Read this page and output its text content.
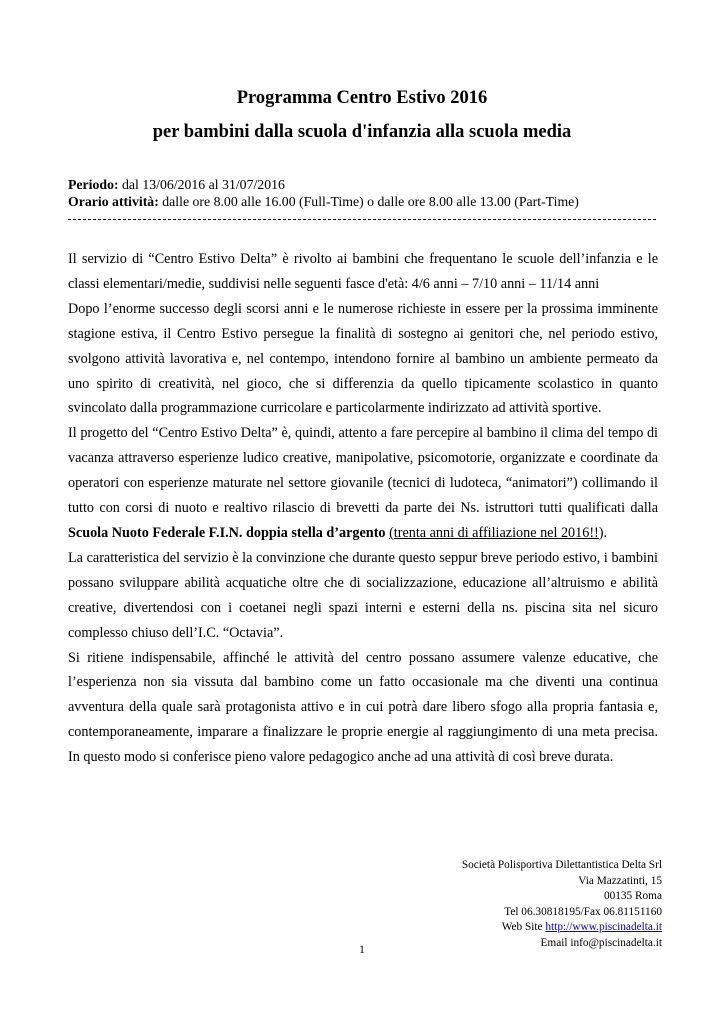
Programma Centro Estivo 2016
per bambini dalla scuola d'infanzia alla scuola media
Periodo: dal 13/06/2016 al 31/07/2016
Orario attività: dalle ore 8.00 alle 16.00 (Full-Time) o dalle ore 8.00 alle 13.00 (Part-Time)

Il servizio di “Centro Estivo Delta” è rivolto ai bambini che frequentano le scuole dell’infanzia e le classi elementari/medie, suddivisi nelle seguenti fasce d'età: 4/6 anni – 7/10 anni – 11/14 anni

Dopo l’enorme successo degli scorsi anni e le numerose richieste in essere per la prossima imminente stagione estiva, il Centro Estivo persegue la finalità di sostegno ai genitori che, nel periodo estivo, svolgono attività lavorativa e, nel contempo, intendono fornire al bambino un ambiente permeato da uno spirito di creatività, nel gioco, che si differenzia da quello tipicamente scolastico in quanto svincolato dalla programmazione curricolare e particolarmente indirizzato ad attività sportive.

Il progetto del “Centro Estivo Delta” è, quindi, attento a fare percepire al bambino il clima del tempo di vacanza attraverso esperienze ludico creative, manipolative, psicomotorie, organizzate e coordinate da operatori con esperienze maturate nel settore giovanile (tecnici di ludoteca, “animatori”) collimando il tutto con corsi di nuoto e realtivo rilascio di brevetti da parte dei Ns. istruttori tutti qualificati dalla Scuola Nuoto Federale F.I.N. doppia stella d’argento (trenta anni di affiliazione nel 2016!!).

La caratteristica del servizio è la convinzione che durante questo seppur breve periodo estivo, i bambini possano sviluppare abilità acquatiche oltre che di socializzazione, educazione all’altruismo e abilità creative, divertendosi con i coetanei negli spazi interni e esterni della ns. piscina sita nel sicuro complesso chiuso dell’I.C. “Octavia”.

Si ritiene indispensabile, affinché le attività del centro possano assumere valenze educative, che l’esperienza non sia vissuta dal bambino come un fatto occasionale ma che diventi una continua avventura della quale sarà protagonista attivo e in cui potrà dare libero sfogo alla propria fantasia e, contemporaneamente, imparare a finalizzare le proprie energie al raggiungimento di una meta precisa. In questo modo si conferisce pieno valore pedagogico anche ad una attività di così breve durata.

Società Polisportiva Dilettantistica Delta Srl
Via Mazzatinti, 15
00135 Roma
Tel 06.30818195/Fax 06.81151160
Web Site http://www.piscinadelta.it
Email info@piscinadelta.it
1
